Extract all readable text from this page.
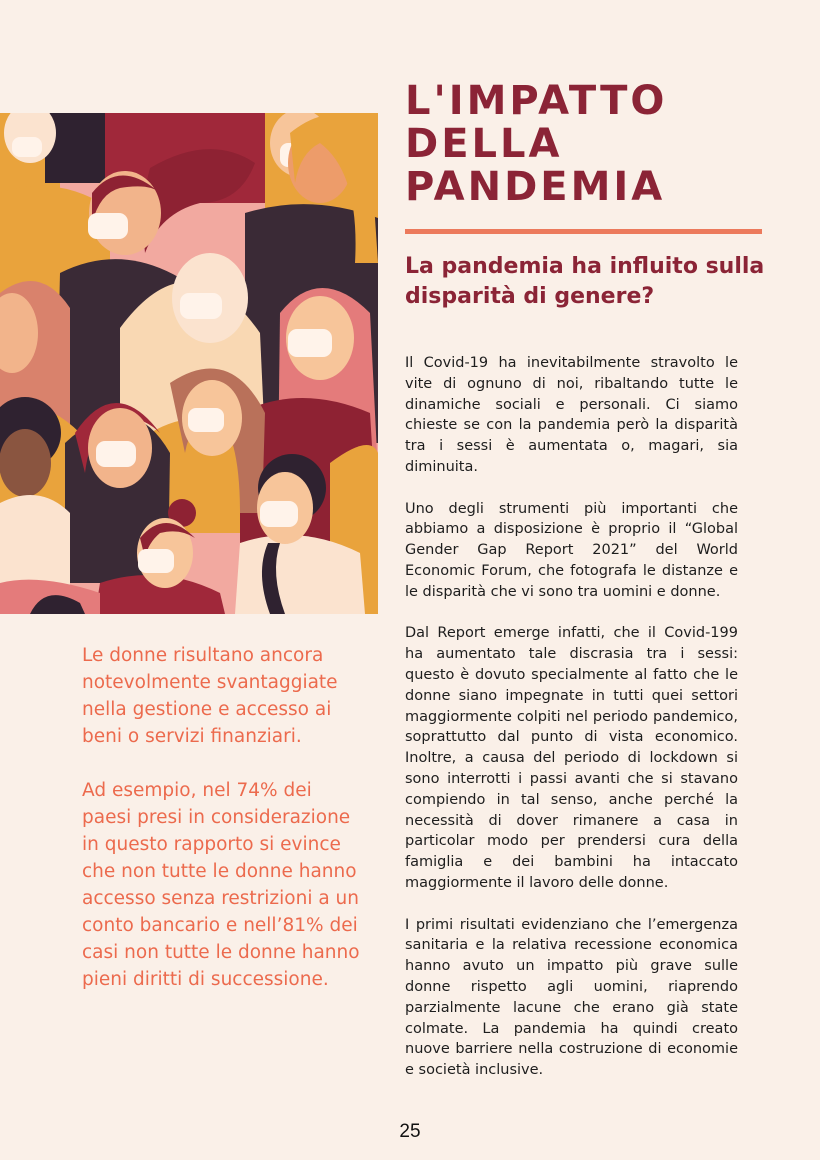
L'IMPATTO
DELLA
PANDEMIA
La pandemia ha influito sulla disparità di genere?

Il Covid-19 ha inevitabilmente stravolto le vite di ognuno di noi, ribaltando tutte le dinamiche sociali e personali. Ci siamo chieste se con la pandemia però la disparità tra i sessi è aumentata o, magari, sia diminuita.

Uno degli strumenti più importanti che abbiamo a disposizione è proprio il “Global Gender Gap Report 2021” del World Economic Forum, che fotografa le distanze e le disparità che vi sono tra uomini e donne.

Dal Report emerge infatti, che il Covid-199 ha aumentato tale discrasia tra i sessi: questo è dovuto specialmente al fatto che le donne siano impegnate in tutti quei settori maggiormente colpiti nel periodo pandemico, soprattutto dal punto di vista economico. Inoltre, a causa del periodo di lockdown si sono interrotti i passi avanti che si stavano compiendo in tal senso, anche perché la necessità di dover rimanere a casa in particolar modo per prendersi cura della famiglia e dei bambini ha intaccato maggiormente il lavoro delle donne.

I primi risultati evidenziano che l’emergenza sanitaria e la relativa recessione economica hanno avuto un impatto più grave sulle donne rispetto agli uomini, riaprendo parzialmente lacune che erano già state colmate. La pandemia ha quindi creato nuove barriere nella costruzione di economie e società inclusive.

Le donne risultano ancora notevolmente svantaggiate nella gestione e accesso ai beni o servizi finanziari.

Ad esempio, nel 74% dei paesi presi in considerazione in questo rapporto si evince che non tutte le donne hanno accesso senza restrizioni a un conto bancario e nell’81% dei casi non tutte le donne hanno pieni diritti di successione.

25
